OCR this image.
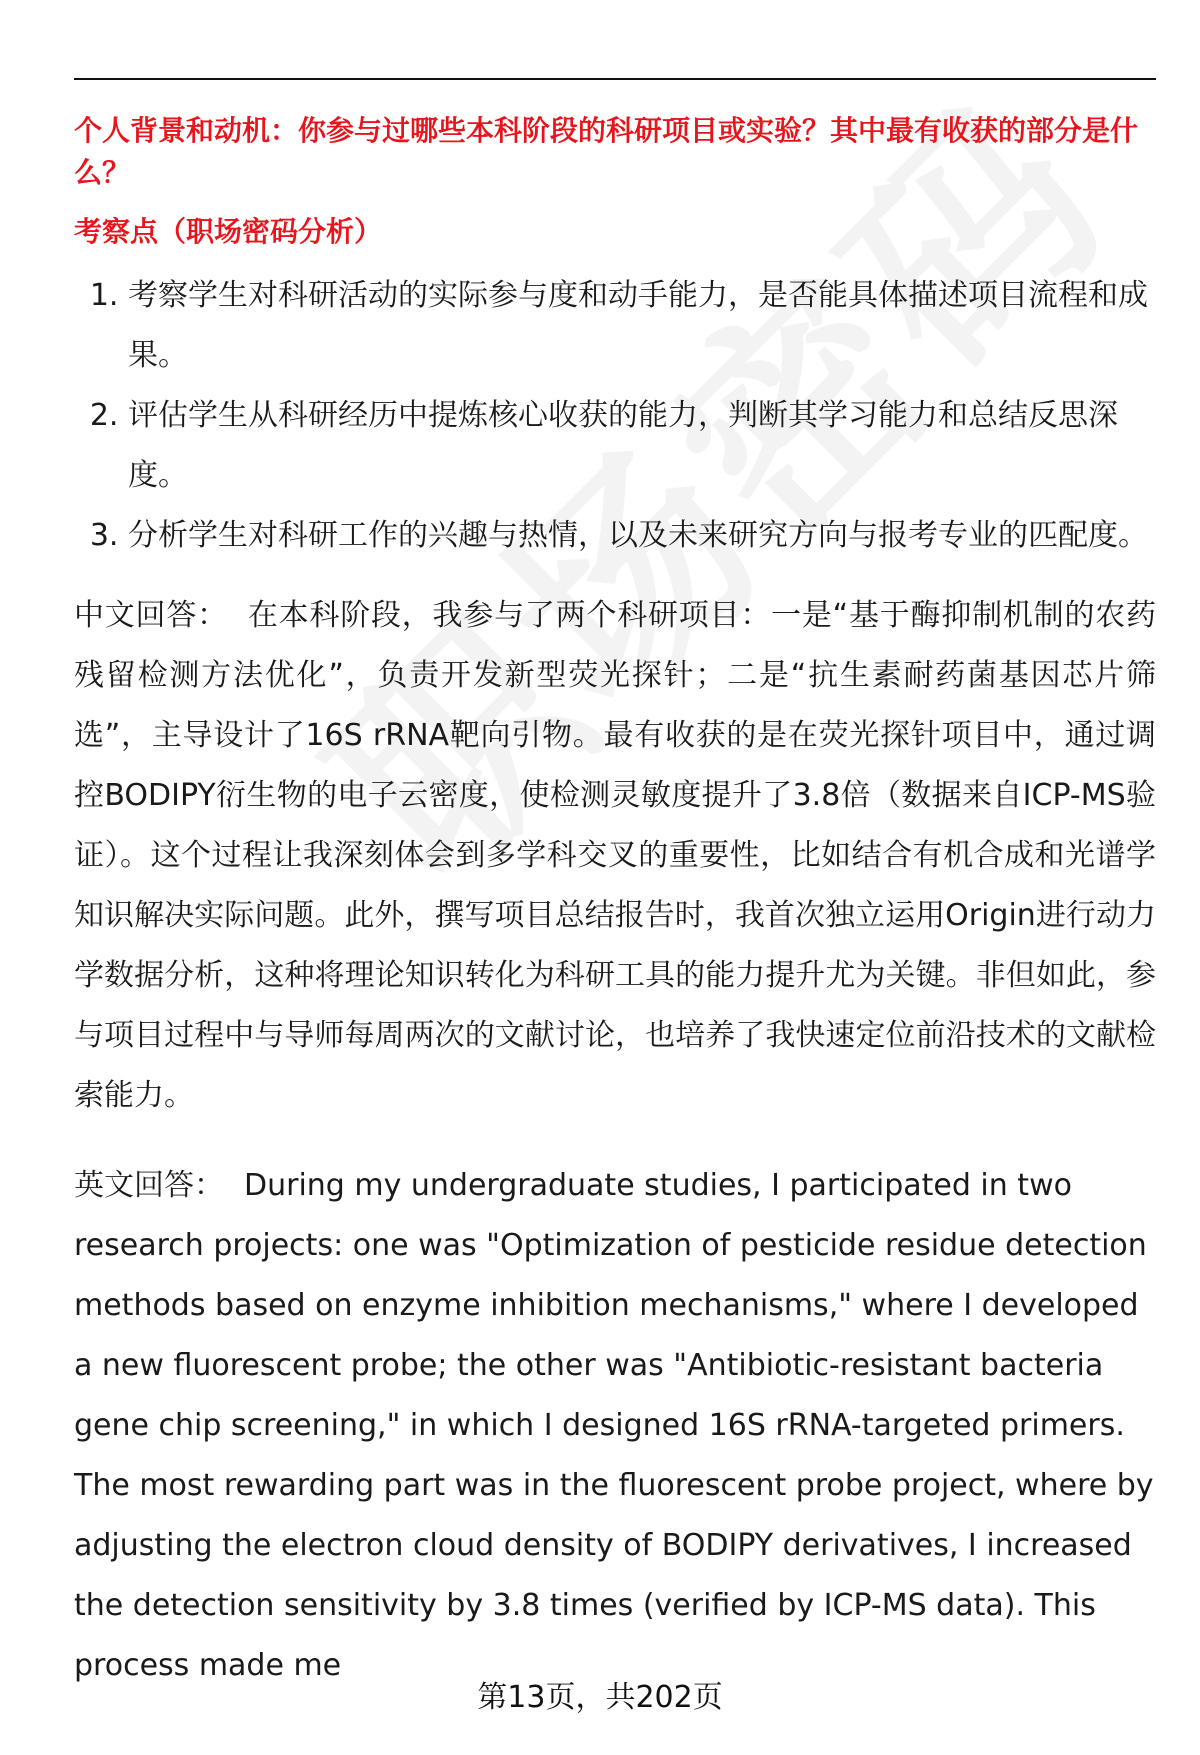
个人背景和动机：你参与过哪些本科阶段的科研项目或实验？其中最有收获的部分是什么？

考察点（职场密码分析）

1. 考察学生对科研活动的实际参与度和动手能力，是否能具体描述项目流程和成果。
2. 评估学生从科研经历中提炼核心收获的能力，判断其学习能力和总结反思深度。
3. 分析学生对科研工作的兴趣与热情，以及未来研究方向与报考专业的匹配度。

中文回答： 在本科阶段，我参与了两个科研项目：一是“基于酶抑制机制的农药残留检测方法优化”，负责开发新型荧光探针；二是“抗生素耐药菌基因芯片筛选”，主导设计了16S rRNA靶向引物。最有收获的是在荧光探针项目中，通过调控BODIPY衍生物的电子云密度，使检测灵敏度提升了3.8倍（数据来自ICP-MS验证）。这个过程让我深刻体会到多学科交叉的重要性，比如结合有机合成和光谱学知识解决实际问题。此外，撰写项目总结报告时，我首次独立运用Origin进行动力学数据分析，这种将理论知识转化为科研工具的能力提升尤为关键。非但如此，参与项目过程中与导师每周两次的文献讨论，也培养了我快速定位前沿技术的文献检索能力。

英文回答： During my undergraduate studies, I participated in two research projects: one was "Optimization of pesticide residue detection methods based on enzyme inhibition mechanisms," where I developed a new fluorescent probe; the other was "Antibiotic-resistant bacteria gene chip screening," in which I designed 16S rRNA-targeted primers. The most rewarding part was in the fluorescent probe project, where by adjusting the electron cloud density of BODIPY derivatives, I increased the detection sensitivity by 3.8 times (verified by ICP-MS data). This process made me

第13页，共202页
